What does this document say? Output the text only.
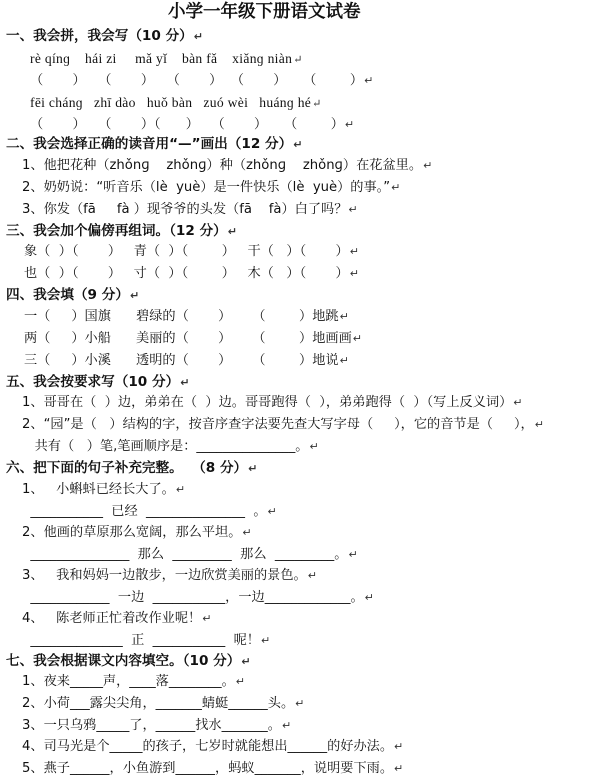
小学一年级下册语文试卷
一、我会拼，我会写（10 分）↵
rè qínɡ    hái zi     mǎ yǐ    bàn fǎ    xiǎnɡ niàn↵
（       ）   （       ）   （       ）  （       ）    （        ）↵
fēi chánɡ   zhī dào   huǒ bàn   zuó wèi   huánɡ hé↵
（       ）   （       ）（      ）   （       ）    （        ）↵
二、我会选择正确的读音用“—”画出（12 分）↵
1、他把花种（zhǒnɡ    zhǒnɡ）种（zhǒnɡ    zhǒnɡ）在花盆里。↵
2、奶奶说：“听音乐（lè  yuè）是一件快乐（lè  yuè）的事。”↵
3、你发（fā     fà ）现爷爷的头发（fā    fà）白了吗？↵
三、我会加个偏傍再组词。（12 分）↵
象（  ）（       ）   青（  ）（        ）   干（   ）（       ）↵
也（  ）（       ）   寸（  ）（        ）   木（   ）（       ）↵
四、我会填（9 分）↵
一（     ）国旗      碧绿的（       ）     （        ）地跳↵
两（     ）小船      美丽的（       ）     （        ）地画画↵
三（     ）小溪      透明的（       ）     （        ）地说↵
五、我会按要求写（10 分）↵
1、哥哥在（  ）边，弟弟在（  ）边。哥哥跑得（  ），弟弟跑得（  ）（写上反义词）↵
2、“园”是（   ）结构的字，按音序查字法要先查大写字母（     ），它的音节是（     ），↵
共有（   ）笔,笔画顺序是：_______________。↵
六、把下面的句子补充完整。  （8 分）↵
1、   小蝌蚪已经长大了。↵
___________  已经  _______________  。↵
2、他画的草原那么宽阔，那么平坦。↵
_______________  那么  _________  那么  _________。↵
3、   我和妈妈一边散步，一边欣赏美丽的景色。↵
____________  一边  ___________，一边_____________。↵
4、   陈老师正忙着改作业呢！↵
______________  正  ___________  呢！↵
七、我会根据课文内容填空。（10 分）↵
1、夜来_____声，____落________。↵
2、小荷___露尖尖角，_______蜻蜓______头。↵
3、一只乌鸦_____了，______找水_______。↵
4、司马光是个_____的孩子，七岁时就能想出______的好办法。↵
5、燕子______，小鱼游到______，蚂蚁_______，说明要下雨。↵
